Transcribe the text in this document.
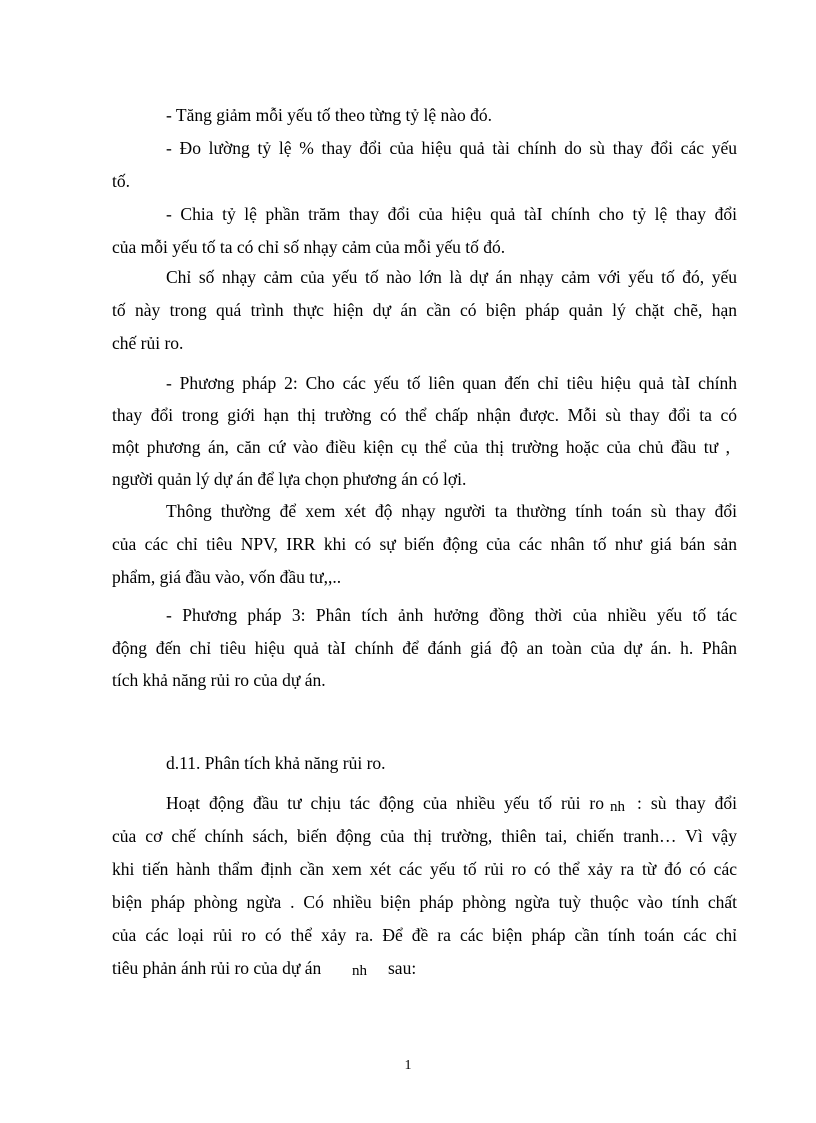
- Tăng giảm mỗi yếu tố theo từng tỷ lệ nào đó.
- Đo lường tỷ lệ % thay đổi của hiệu quả tài chính do sù thay đổi các yếu
tố.
- Chia tỷ lệ phần trăm thay đổi của hiệu quả tàI chính cho tỷ lệ thay đổi
của mỗi yếu tố ta có chỉ số nhạy cảm của mỗi yếu tố đó.
Chỉ số nhạy cảm của yếu tố nào lớn là dự án nhạy cảm với yếu tố đó, yếu
tố này trong quá trình thực hiện dự án cần có biện pháp quản lý chặt chẽ, hạn
chế rủi ro.
- Phương pháp 2: Cho các yếu tố liên quan đến chỉ tiêu hiệu quả tàI chính
thay đổi trong giới hạn thị trường có thể chấp nhận được. Mỗi sù thay đổi ta có
một phương án, căn cứ vào điều kiện cụ thể của thị trường hoặc của chủ đầu tư ,
người quản lý dự án để lựa chọn phương án có lợi.
Thông thường để xem xét độ nhạy người ta thường tính toán sù thay đổi
của các chỉ tiêu NPV, IRR khi có sự biến động của các nhân tố như giá bán sản
phẩm, giá đầu vào, vốn đầu tư,,..
- Phương pháp 3: Phân tích ảnh hưởng đồng thời của nhiều yếu tố tác
động đến chỉ tiêu hiệu quả tàI chính để đánh giá độ an toàn của dự án. h. Phân
tích khả năng rủi ro của dự án.
d.11. Phân tích khả năng rủi ro.
Hoạt động đầu tư chịu tác động của nhiều yếu tố rủi ro nh : sù thay đổi
của cơ chế chính sách, biến động của thị trường, thiên tai, chiến tranh… Vì vậy
khi tiến hành thẩm định cần xem xét các yếu tố rủi ro có thể xảy ra từ đó có các
biện pháp phòng ngừa . Có nhiều biện pháp phòng ngừa tuỳ thuộc vào tính chất
của các loại rủi ro có thể xảy ra. Để đề ra các biện pháp cần tính toán các chỉ
tiêu phản ánh rủi ro của dự án nh sau:
1
